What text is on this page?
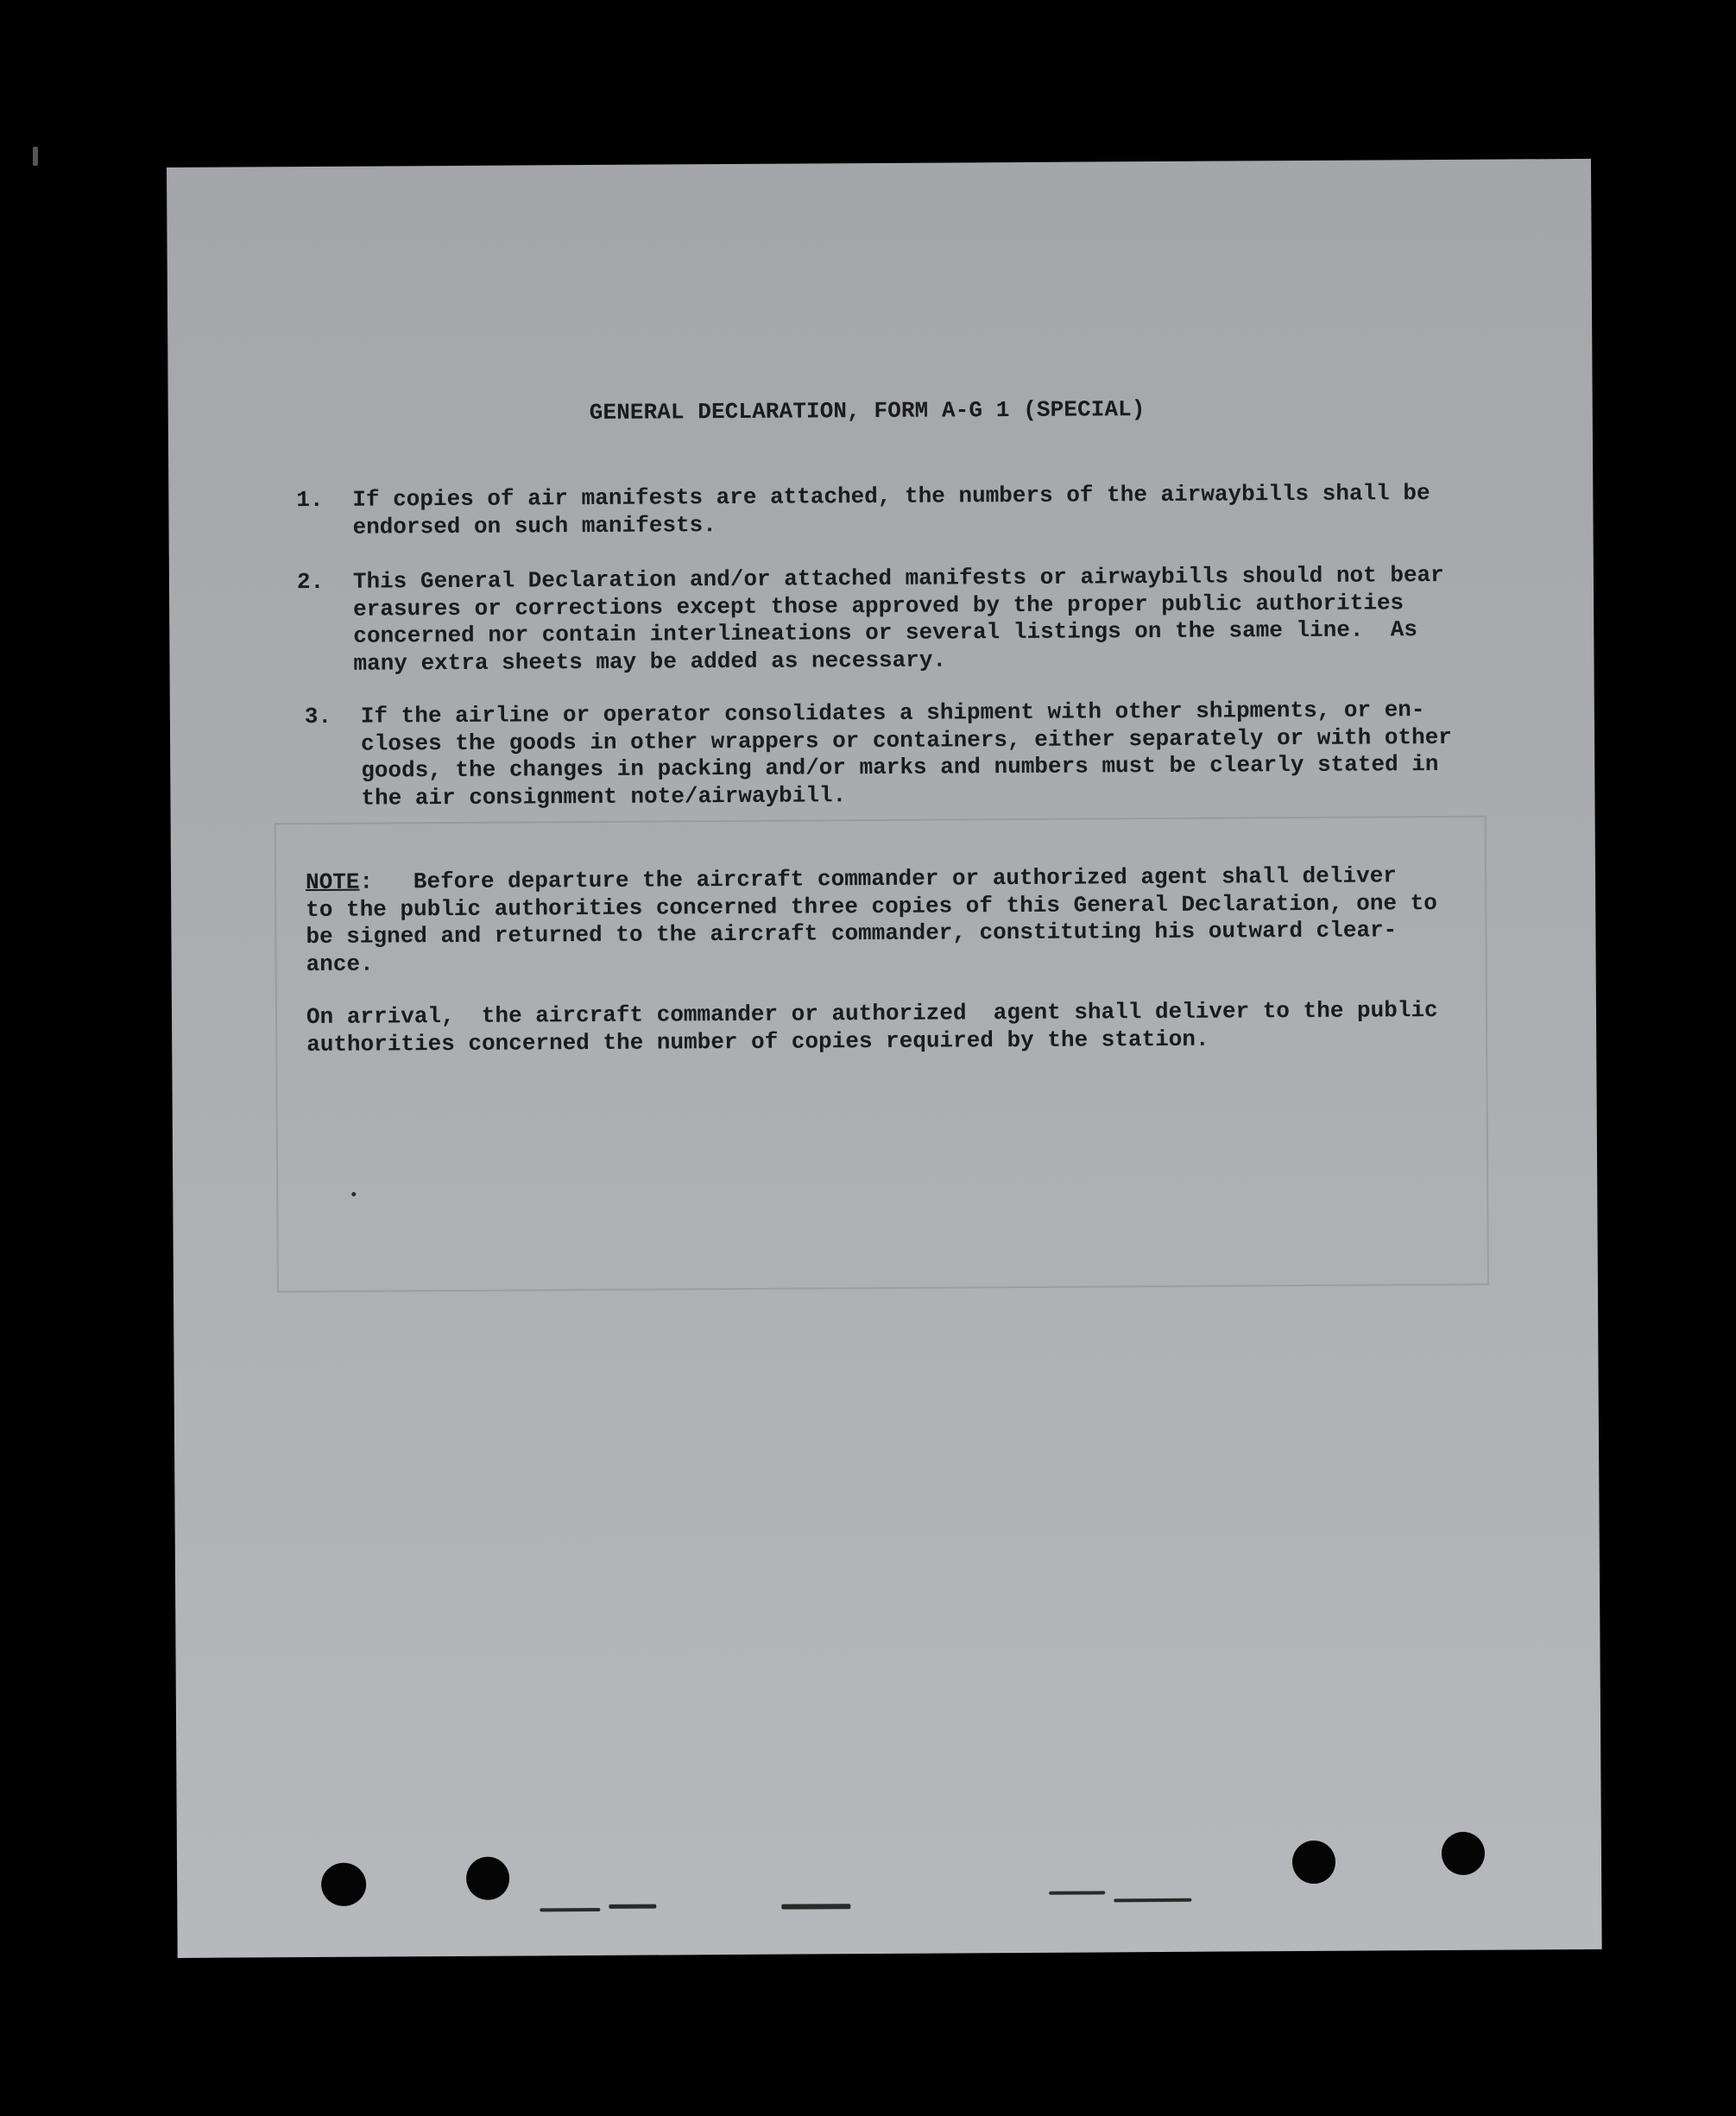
GENERAL DECLARATION, FORM A-G 1 (SPECIAL)

1.

If copies of air manifests are attached, the numbers of the airwaybills shall be

endorsed on such manifests.

2.

This General Declaration and/or attached manifests or airwaybills should not bear

erasures or corrections except those approved by the proper public authorities

concerned nor contain interlineations or several listings on the same line.  As

many extra sheets may be added as necessary.

3.

If the airline or operator consolidates a shipment with other shipments, or en-

closes the goods in other wrappers or containers, either separately or with other

goods, the changes in packing and/or marks and numbers must be clearly stated in

the air consignment note/airwaybill.

NOTE:   Before departure the aircraft commander or authorized agent shall deliver

to the public authorities concerned three copies of this General Declaration, one to

be signed and returned to the aircraft commander, constituting his outward clear-

ance.

On arrival,  the aircraft commander or authorized  agent shall deliver to the public

authorities concerned the number of copies required by the station.
